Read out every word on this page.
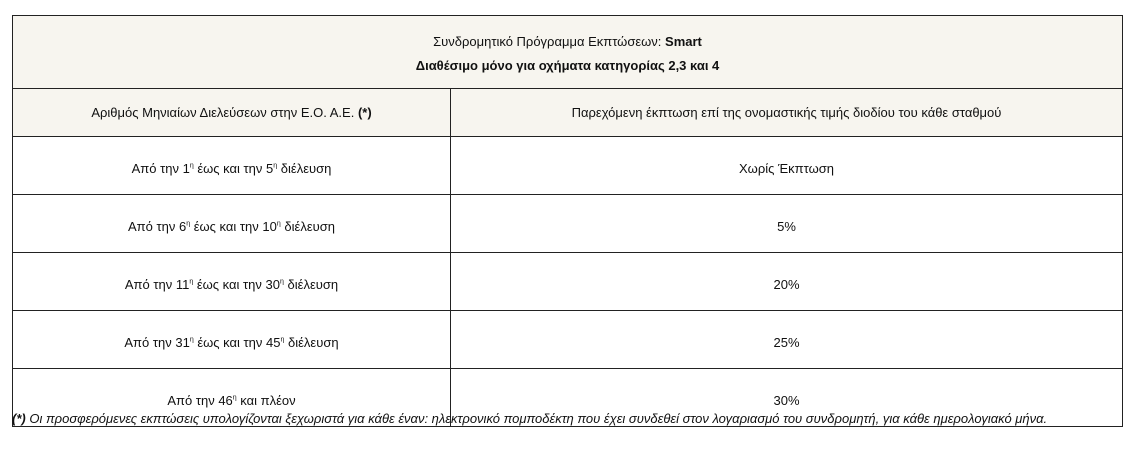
Συνδρομητικό Πρόγραμμα Εκπτώσεων: Smart
Διαθέσιμο μόνο για οχήματα κατηγορίας 2,3 και 4	

Αριθμός Μηνιαίων Διελεύσεων στην Ε.Ο. Α.Ε. (*)	Παρεχόμενη έκπτωση επί της ονομαστικής τιμής διοδίου του κάθε σταθμού
Από την $1^\eta$ έως και την $5^\eta$ διέλευση	Χωρίς Έκπτωση
Από την $6^\eta$ έως και την $10^\eta$ διέλευση	5%
Από την $11^\eta$ έως και την $30^\eta$ διέλευση	20%
Από την $31^\eta$ έως και την $45^\eta$ διέλευση	25%
Από την $46^\eta$ και πλέον	30%
(*) Οι προσφερόμενες εκπτώσεις υπολογίζονται ξεχωριστά για κάθε έναν: ηλεκτρονικό πομποδέκτη που έχει συνδεθεί στον λογαριασμό του συνδρομητή, για κάθε ημερολογιακό μήνα.
